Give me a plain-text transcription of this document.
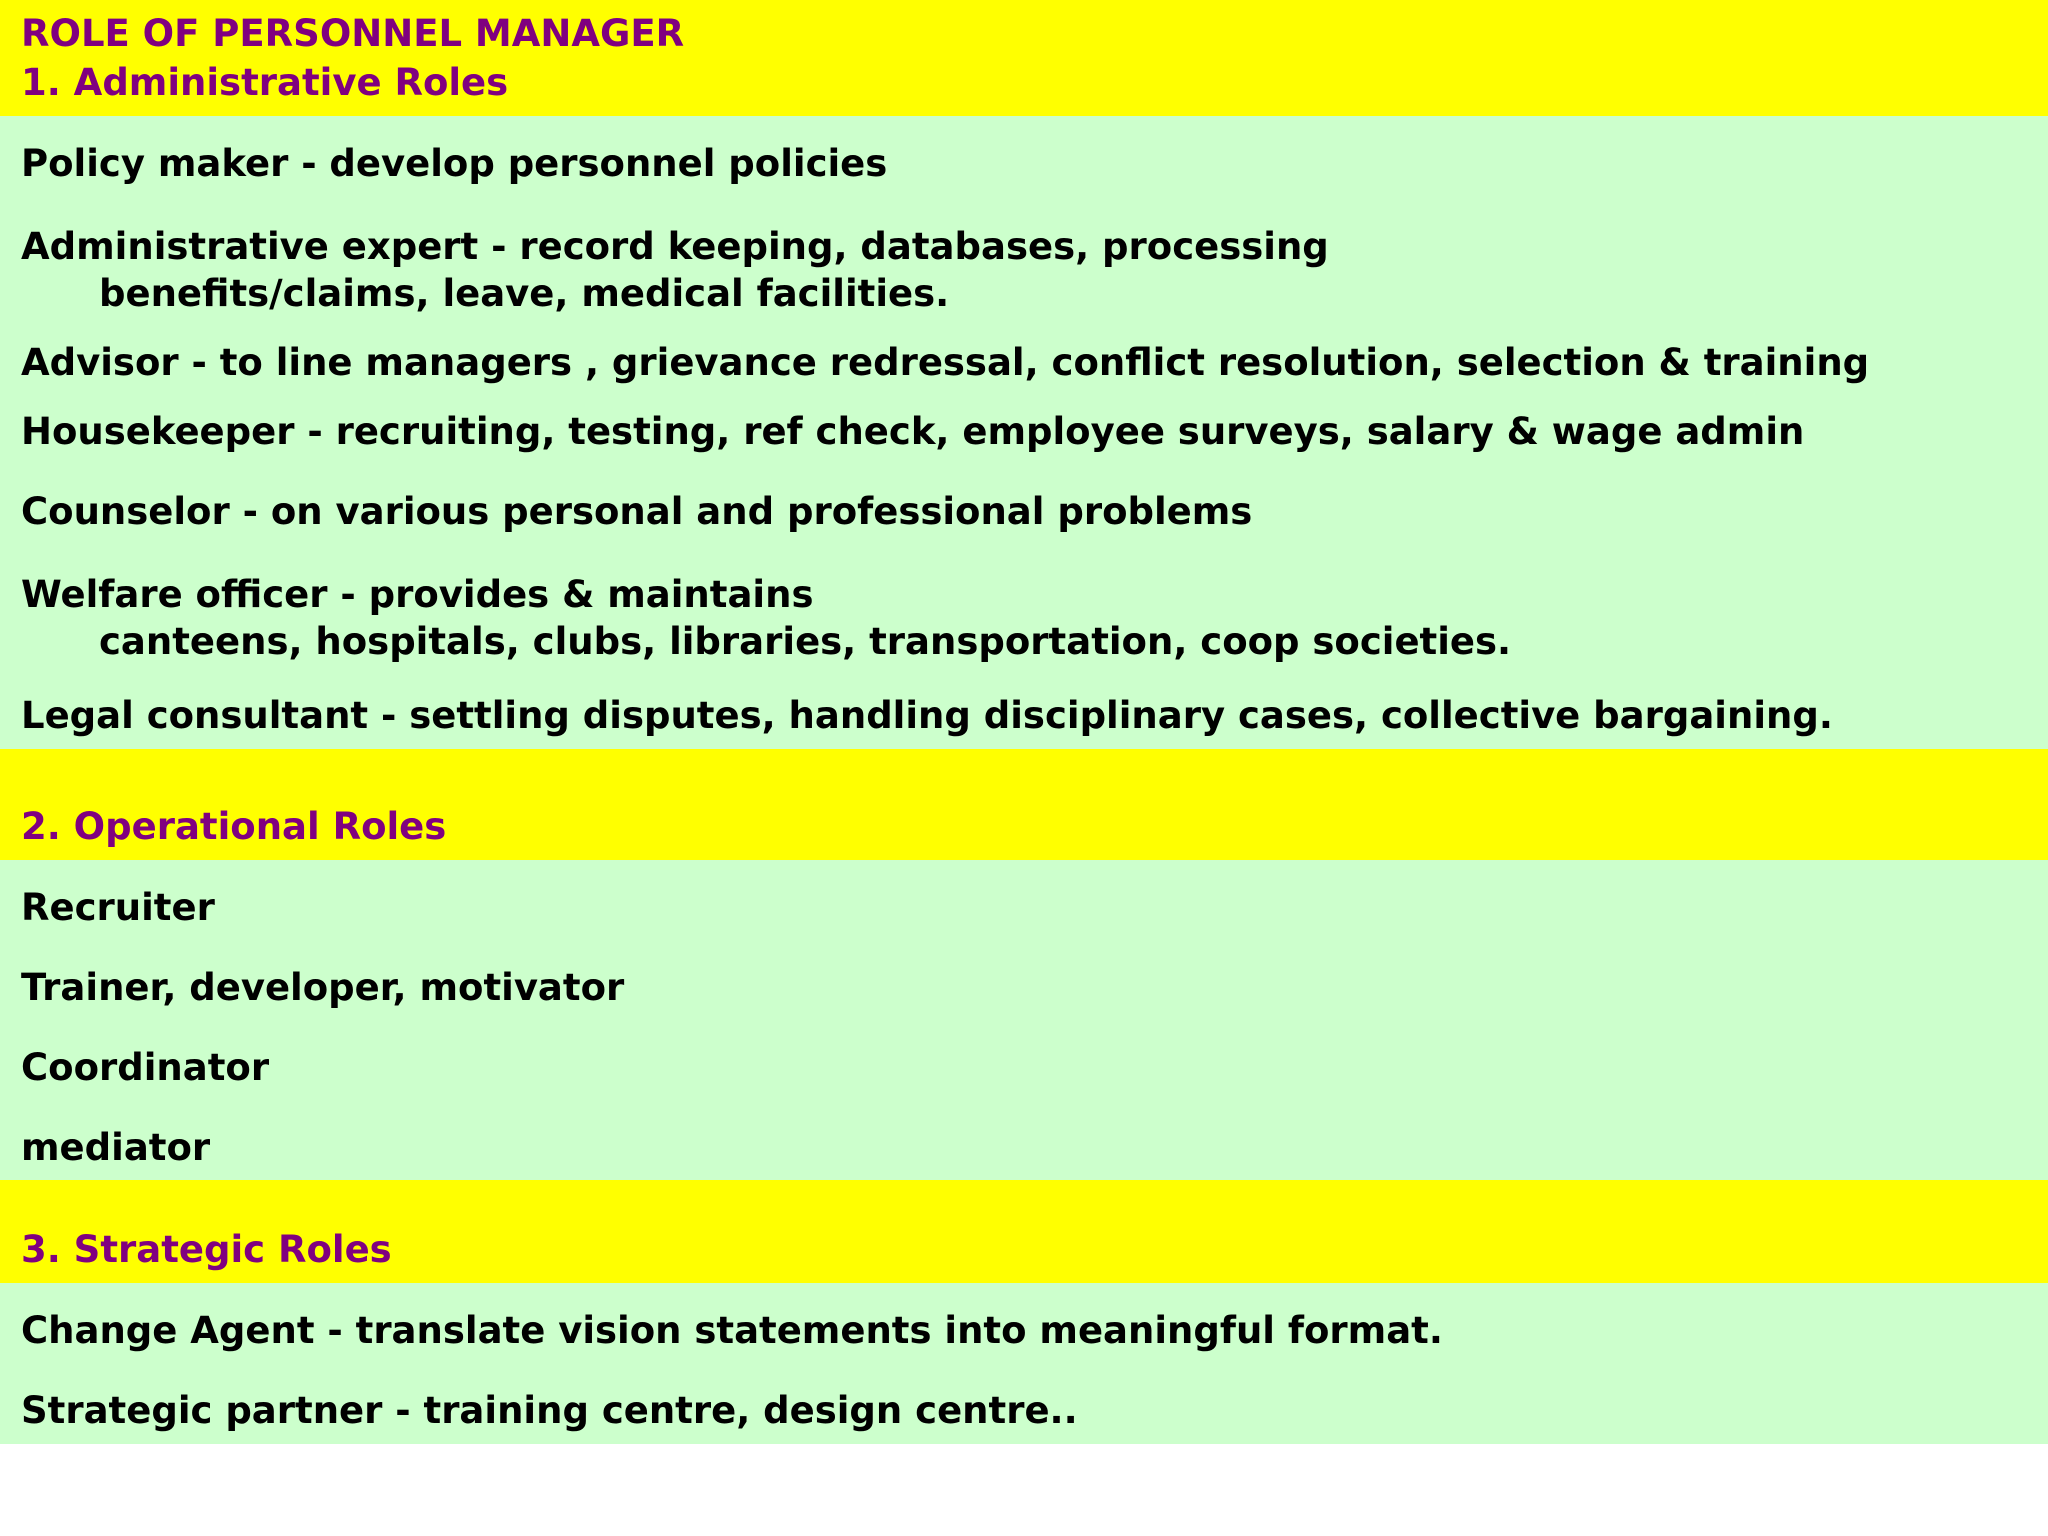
ROLE OF PERSONNEL MANAGER
1. Administrative Roles
Policy maker - develop personnel policies
Administrative expert - record keeping, databases, processing
benefits/claims, leave, medical facilities.
Advisor - to line managers , grievance redressal, conflict resolution, selection & training
Housekeeper - recruiting, testing, ref check, employee surveys, salary & wage admin
Counselor - on various personal and professional problems
Welfare officer - provides & maintains
canteens, hospitals, clubs, libraries, transportation, coop societies.
Legal consultant - settling disputes, handling disciplinary cases, collective bargaining.
2. Operational Roles
Recruiter
Trainer, developer, motivator
Coordinator
mediator
3. Strategic Roles
Change Agent - translate vision statements into meaningful format.
Strategic partner - training centre, design centre..
